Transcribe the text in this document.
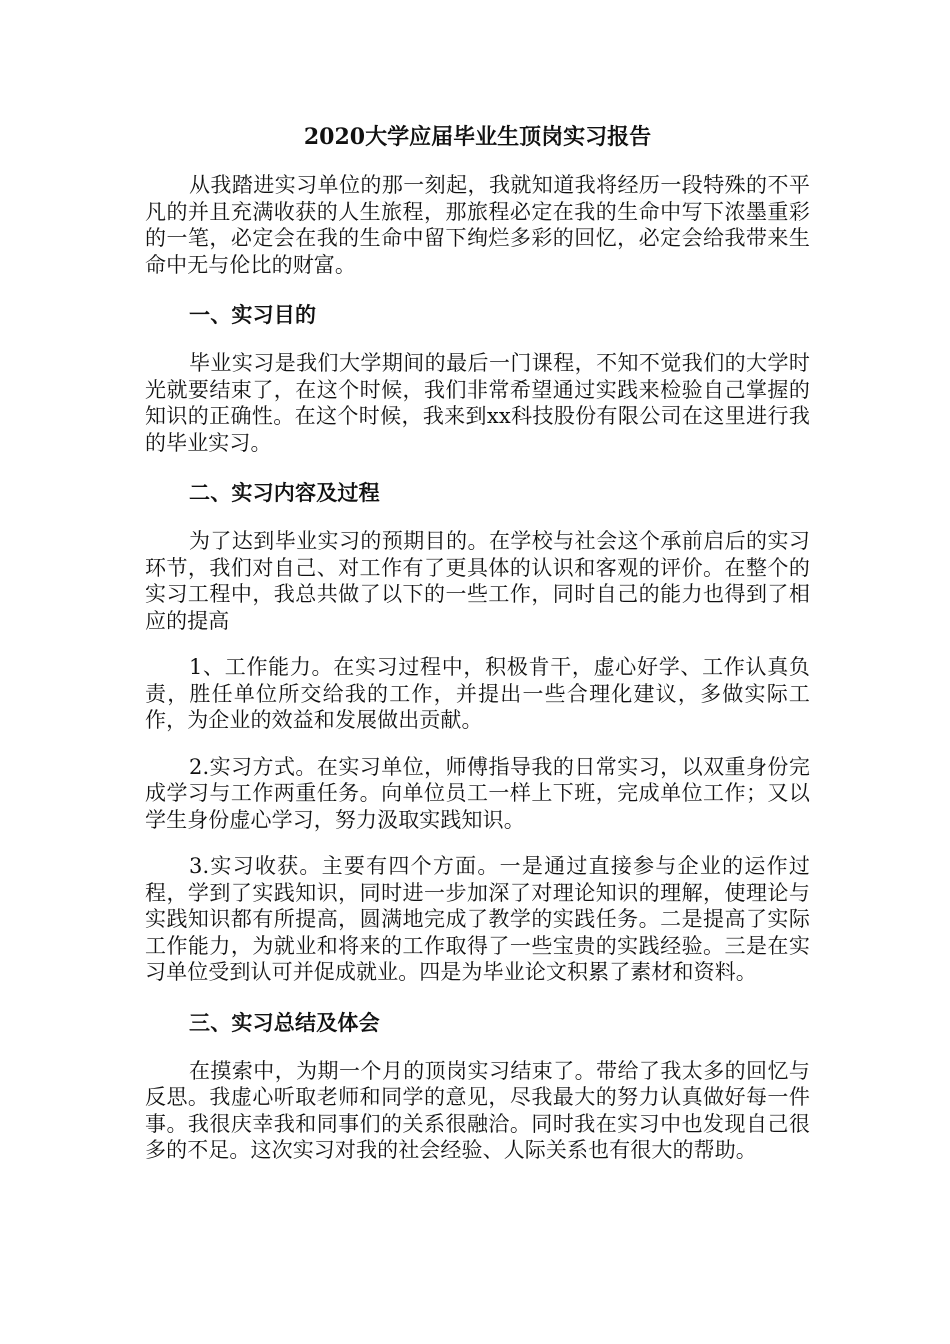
2020大学应届毕业生顶岗实习报告

从我踏进实习单位的那一刻起，我就知道我将经历一段特殊的不平凡的并且充满收获的人生旅程，那旅程必定在我的生命中写下浓墨重彩的一笔，必定会在我的生命中留下绚烂多彩的回忆，必定会给我带来生命中无与伦比的财富。

一、实习目的

毕业实习是我们大学期间的最后一门课程，不知不觉我们的大学时光就要结束了，在这个时候，我们非常希望通过实践来检验自己掌握的知识的正确性。在这个时候，我来到xx科技股份有限公司在这里进行我的毕业实习。

二、实习内容及过程

为了达到毕业实习的预期目的。在学校与社会这个承前启后的实习环节，我们对自己、对工作有了更具体的认识和客观的评价。在整个的实习工程中，我总共做了以下的一些工作，同时自己的能力也得到了相应的提高

1、工作能力。在实习过程中，积极肯干，虚心好学、工作认真负责，胜任单位所交给我的工作，并提出一些合理化建议，多做实际工作，为企业的效益和发展做出贡献。

2.实习方式。在实习单位，师傅指导我的日常实习，以双重身份完成学习与工作两重任务。向单位员工一样上下班，完成单位工作；又以学生身份虚心学习，努力汲取实践知识。

3.实习收获。主要有四个方面。一是通过直接参与企业的运作过程，学到了实践知识，同时进一步加深了对理论知识的理解，使理论与实践知识都有所提高，圆满地完成了教学的实践任务。二是提高了实际工作能力，为就业和将来的工作取得了一些宝贵的实践经验。三是在实习单位受到认可并促成就业。四是为毕业论文积累了素材和资料。

三、实习总结及体会

在摸索中，为期一个月的顶岗实习结束了。带给了我太多的回忆与反思。我虚心听取老师和同学的意见，尽我最大的努力认真做好每一件事。我很庆幸我和同事们的关系很融洽。同时我在实习中也发现自己很多的不足。这次实习对我的社会经验、人际关系也有很大的帮助。
